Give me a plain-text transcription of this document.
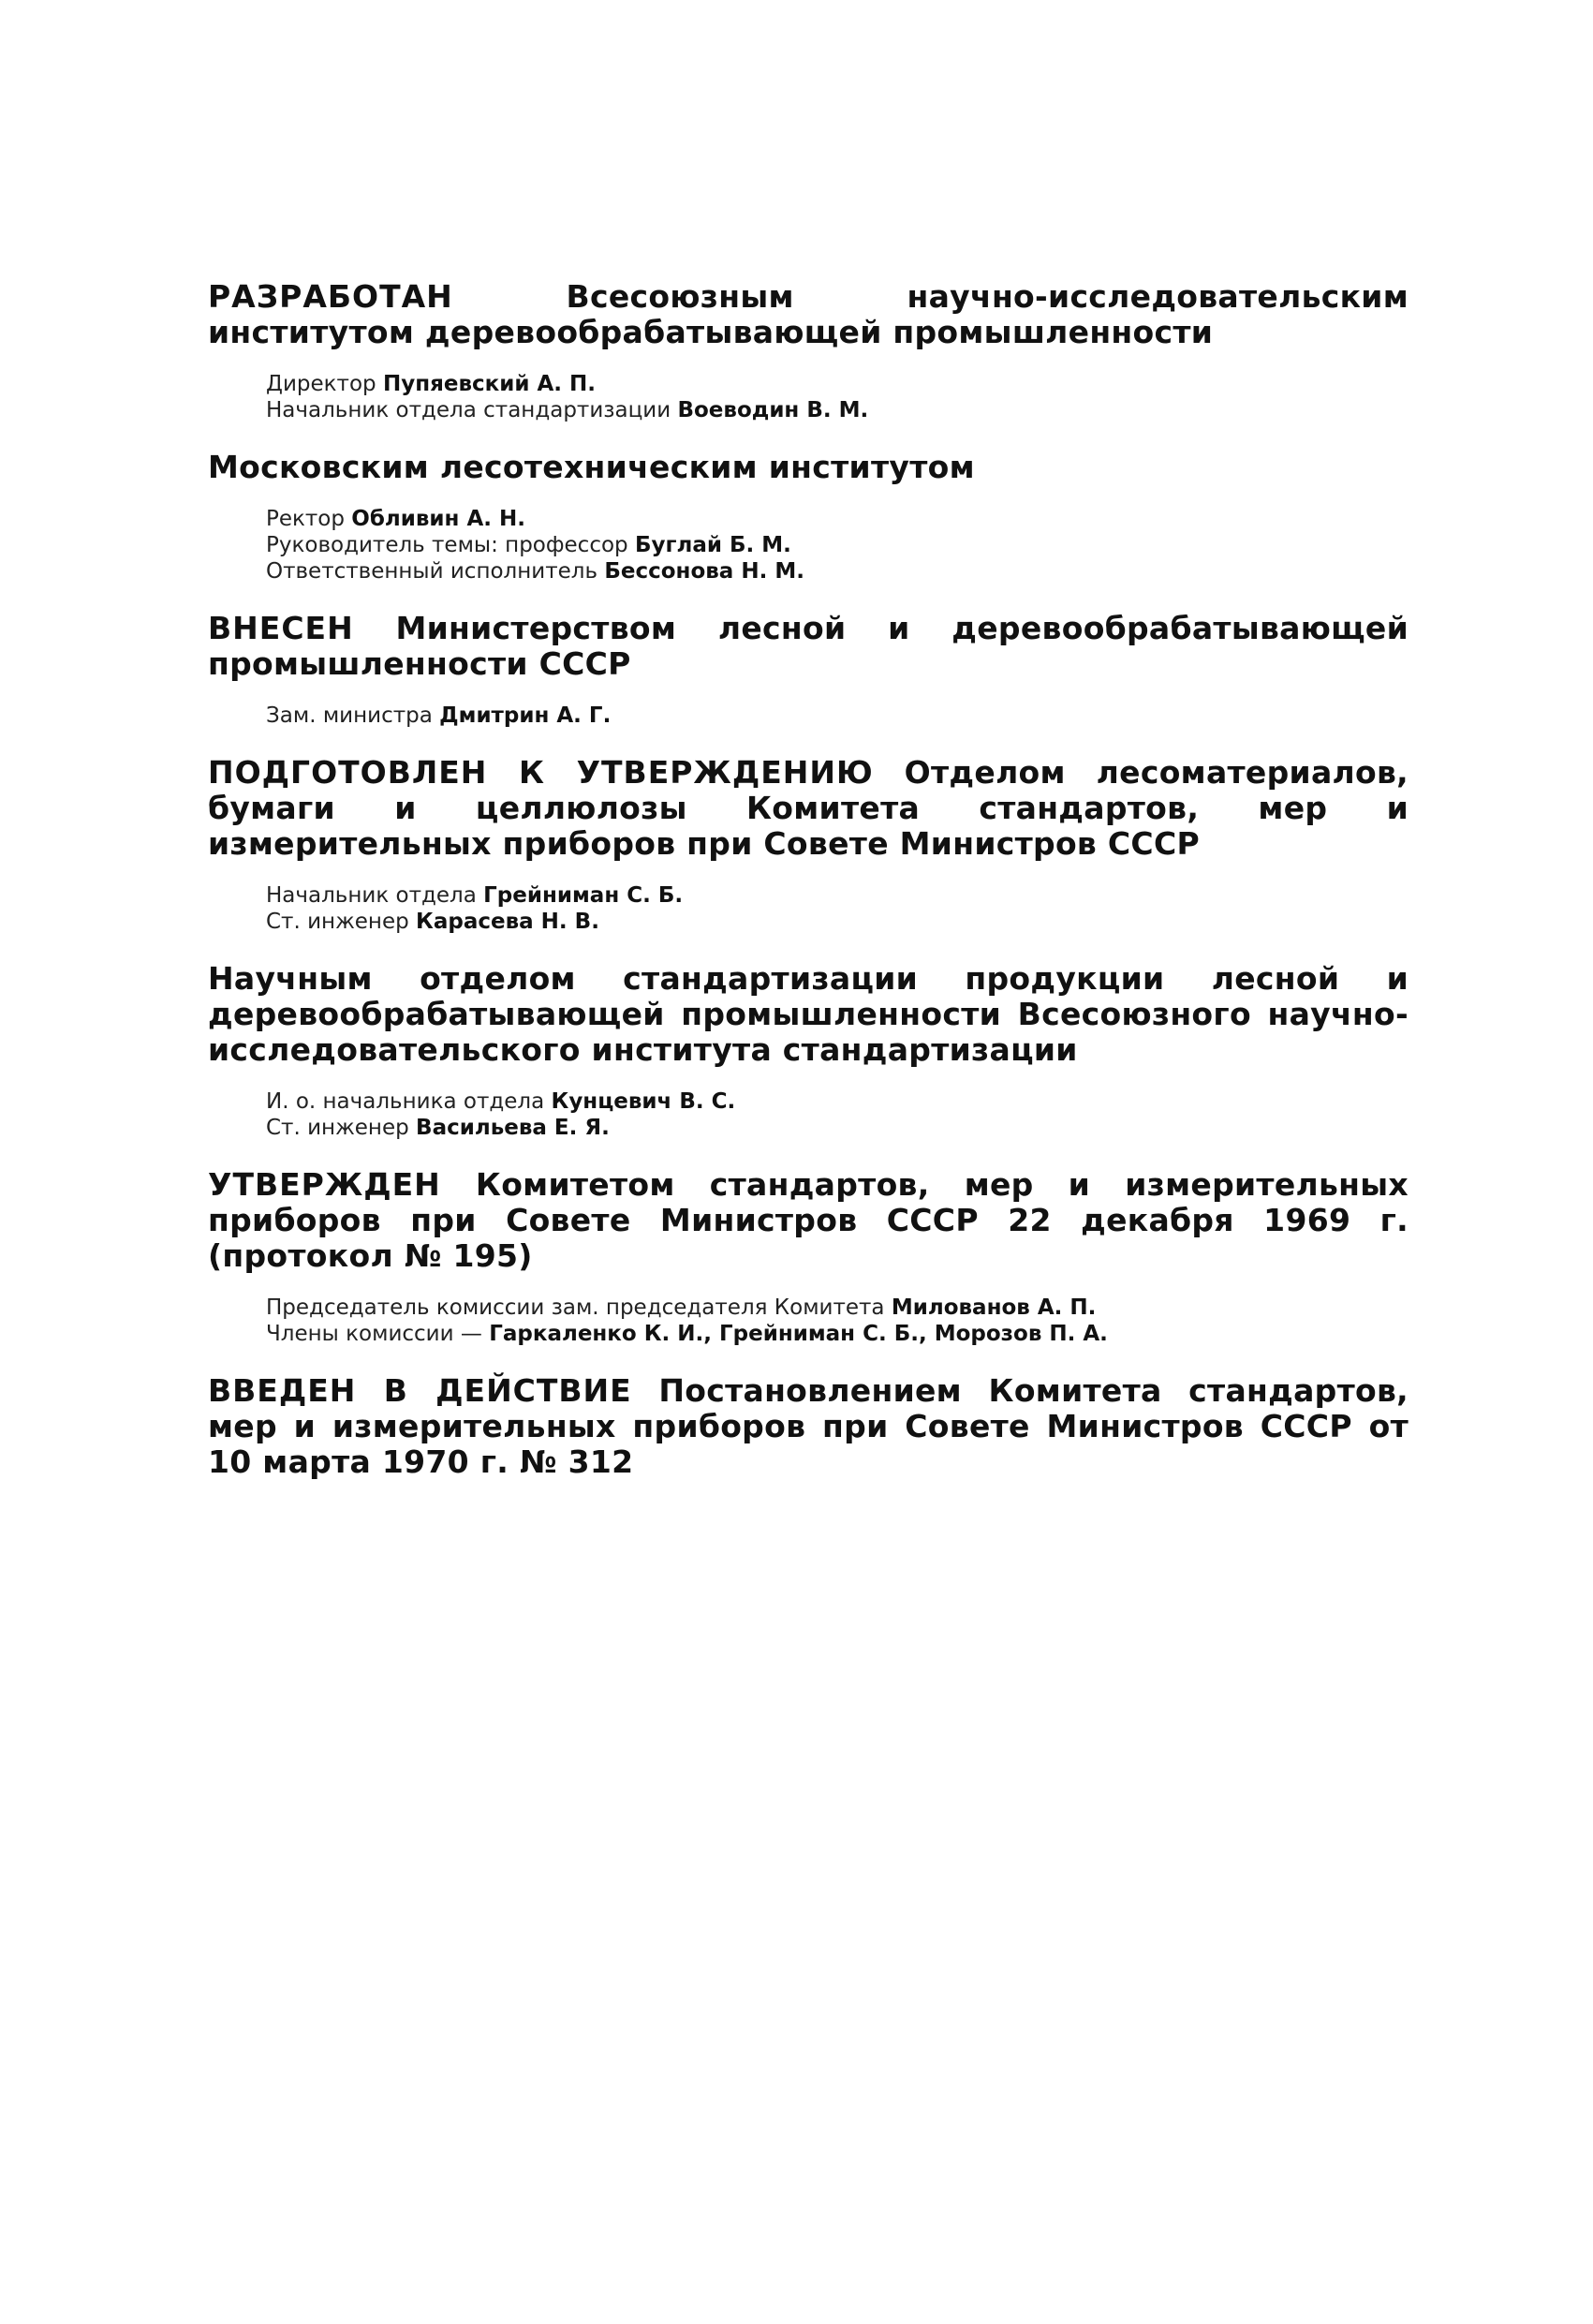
РАЗРАБОТАН	Всесоюзным научно-исследовательским институтом деревообрабатывающей промышленности

Директор Пупяевский А. П.

Начальник отдела стандартизации Воеводин В. М.

Московским лесотехническим институтом

Ректор Обливин А. Н.

Руководитель темы: профессор Буглай Б. М.

Ответственный исполнитель Бессонова Н. М.

ВНЕСЕН Министерством лесной и деревообрабатывающей промышленности СССР

Зам. министра Дмитрин А. Г.

ПОДГОТОВЛЕН К УТВЕРЖДЕНИЮ Отделом лесоматериалов, бумаги и целлюлозы Комитета стандартов, мер и измерительных приборов при Совете Министров СССР

Начальник отдела Грейниман С. Б.

Ст. инженер Карасева Н. В.

Научным отделом стандартизации продукции лесной и деревообрабатывающей промышленности Всесоюзного научно-исследовательского института стандартизации

И. о. начальника отдела Кунцевич В. С.

Ст. инженер Васильева Е. Я.

УТВЕРЖДЕН Комитетом стандартов, мер и измерительных приборов при Совете Министров СССР 22 декабря 1969 г. (протокол № 195)

Председатель комиссии зам. председателя Комитета Милованов А. П.

Члены комиссии — Гаркаленко К. И., Грейниман С. Б., Морозов П. А.

ВВЕДЕН В ДЕЙСТВИЕ Постановлением Комитета стандартов, мер и измерительных приборов при Совете Министров СССР от 10 марта 1970 г. № 312
